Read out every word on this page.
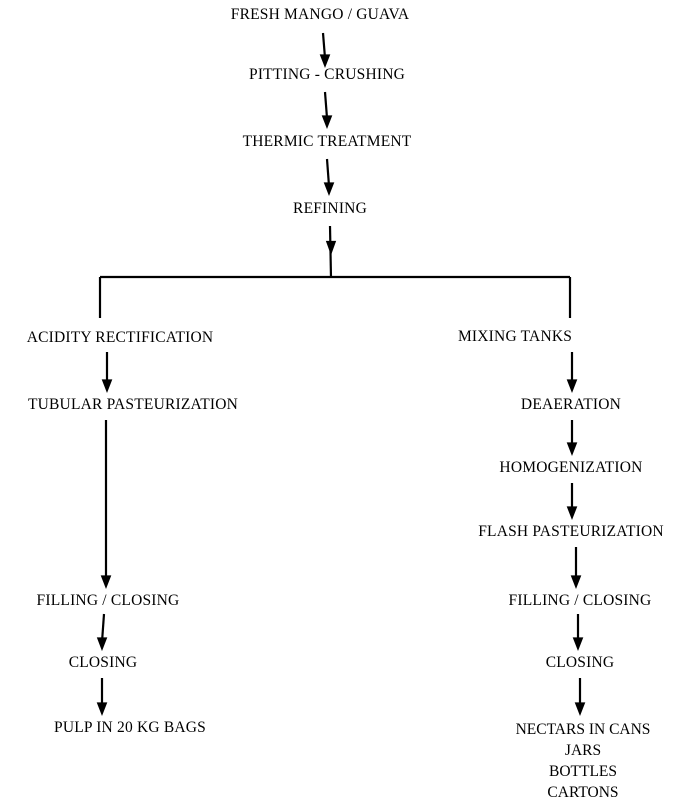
FRESH MANGO / GUAVA
PITTING - CRUSHING
THERMIC TREATMENT
REFINING
ACIDITY RECTIFICATION
TUBULAR PASTEURIZATION
FILLING / CLOSING
CLOSING
PULP IN 20 KG BAGS
MIXING TANKS
DEAERATION
HOMOGENIZATION
FLASH PASTEURIZATION
FILLING / CLOSING
CLOSING
NECTARS IN CANS
JARS
BOTTLES
CARTONS
